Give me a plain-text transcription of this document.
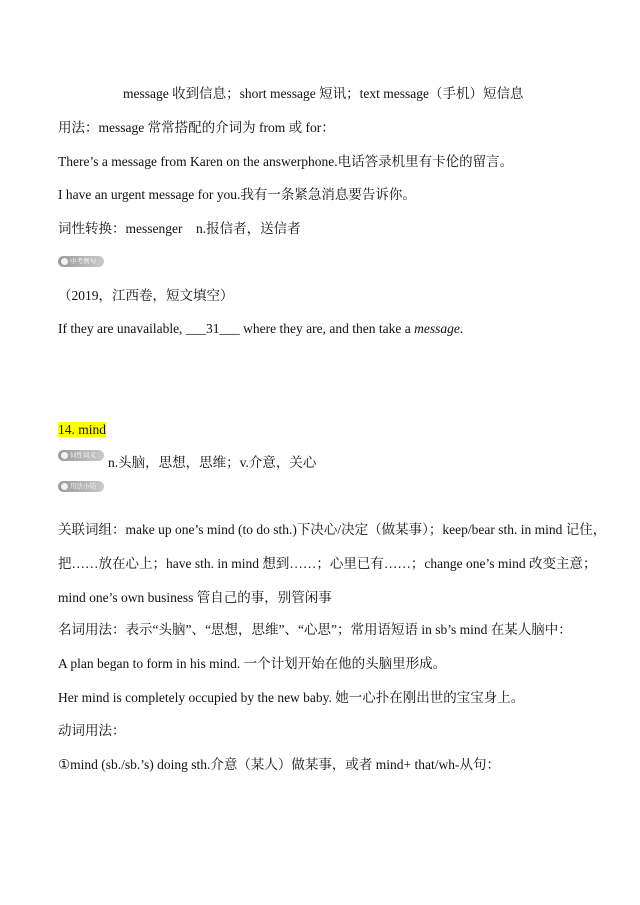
message 收到信息；short message 短讯；text message（手机）短信息
用法：message 常常搭配的介词为 from 或 for：
There’s a message from Karen on the answerphone.电话答录机里有卡伦的留言。
I have an urgent message for you.我有一条紧急消息要告诉你。
词性转换：messenger　n.报信者，送信者
中考例句
（2019，江西卷，短文填空）
If they are unavailable, ___31___ where they are, and then take a message.
14. mind
词性词义 n.头脑，思想，思维；v.介意，关心
用法小结
关联词组：make up one’s mind (to do sth.)下决心/决定（做某事）；keep/bear sth. in mind 记住，
把……放在心上；have sth. in mind 想到……；心里已有……；change one’s mind 改变主意；
mind one’s own business 管自己的事，别管闲事
名词用法：表示“头脑”、“思想，思维”、“心思”；常用语短语 in sb’s mind 在某人脑中：
A plan began to form in his mind. 一个计划开始在他的头脑里形成。
Her mind is completely occupied by the new baby. 她一心扑在刚出世的宝宝身上。
动词用法：
①mind (sb./sb.’s) doing sth.介意（某人）做某事，或者 mind+ that/wh-从句：
